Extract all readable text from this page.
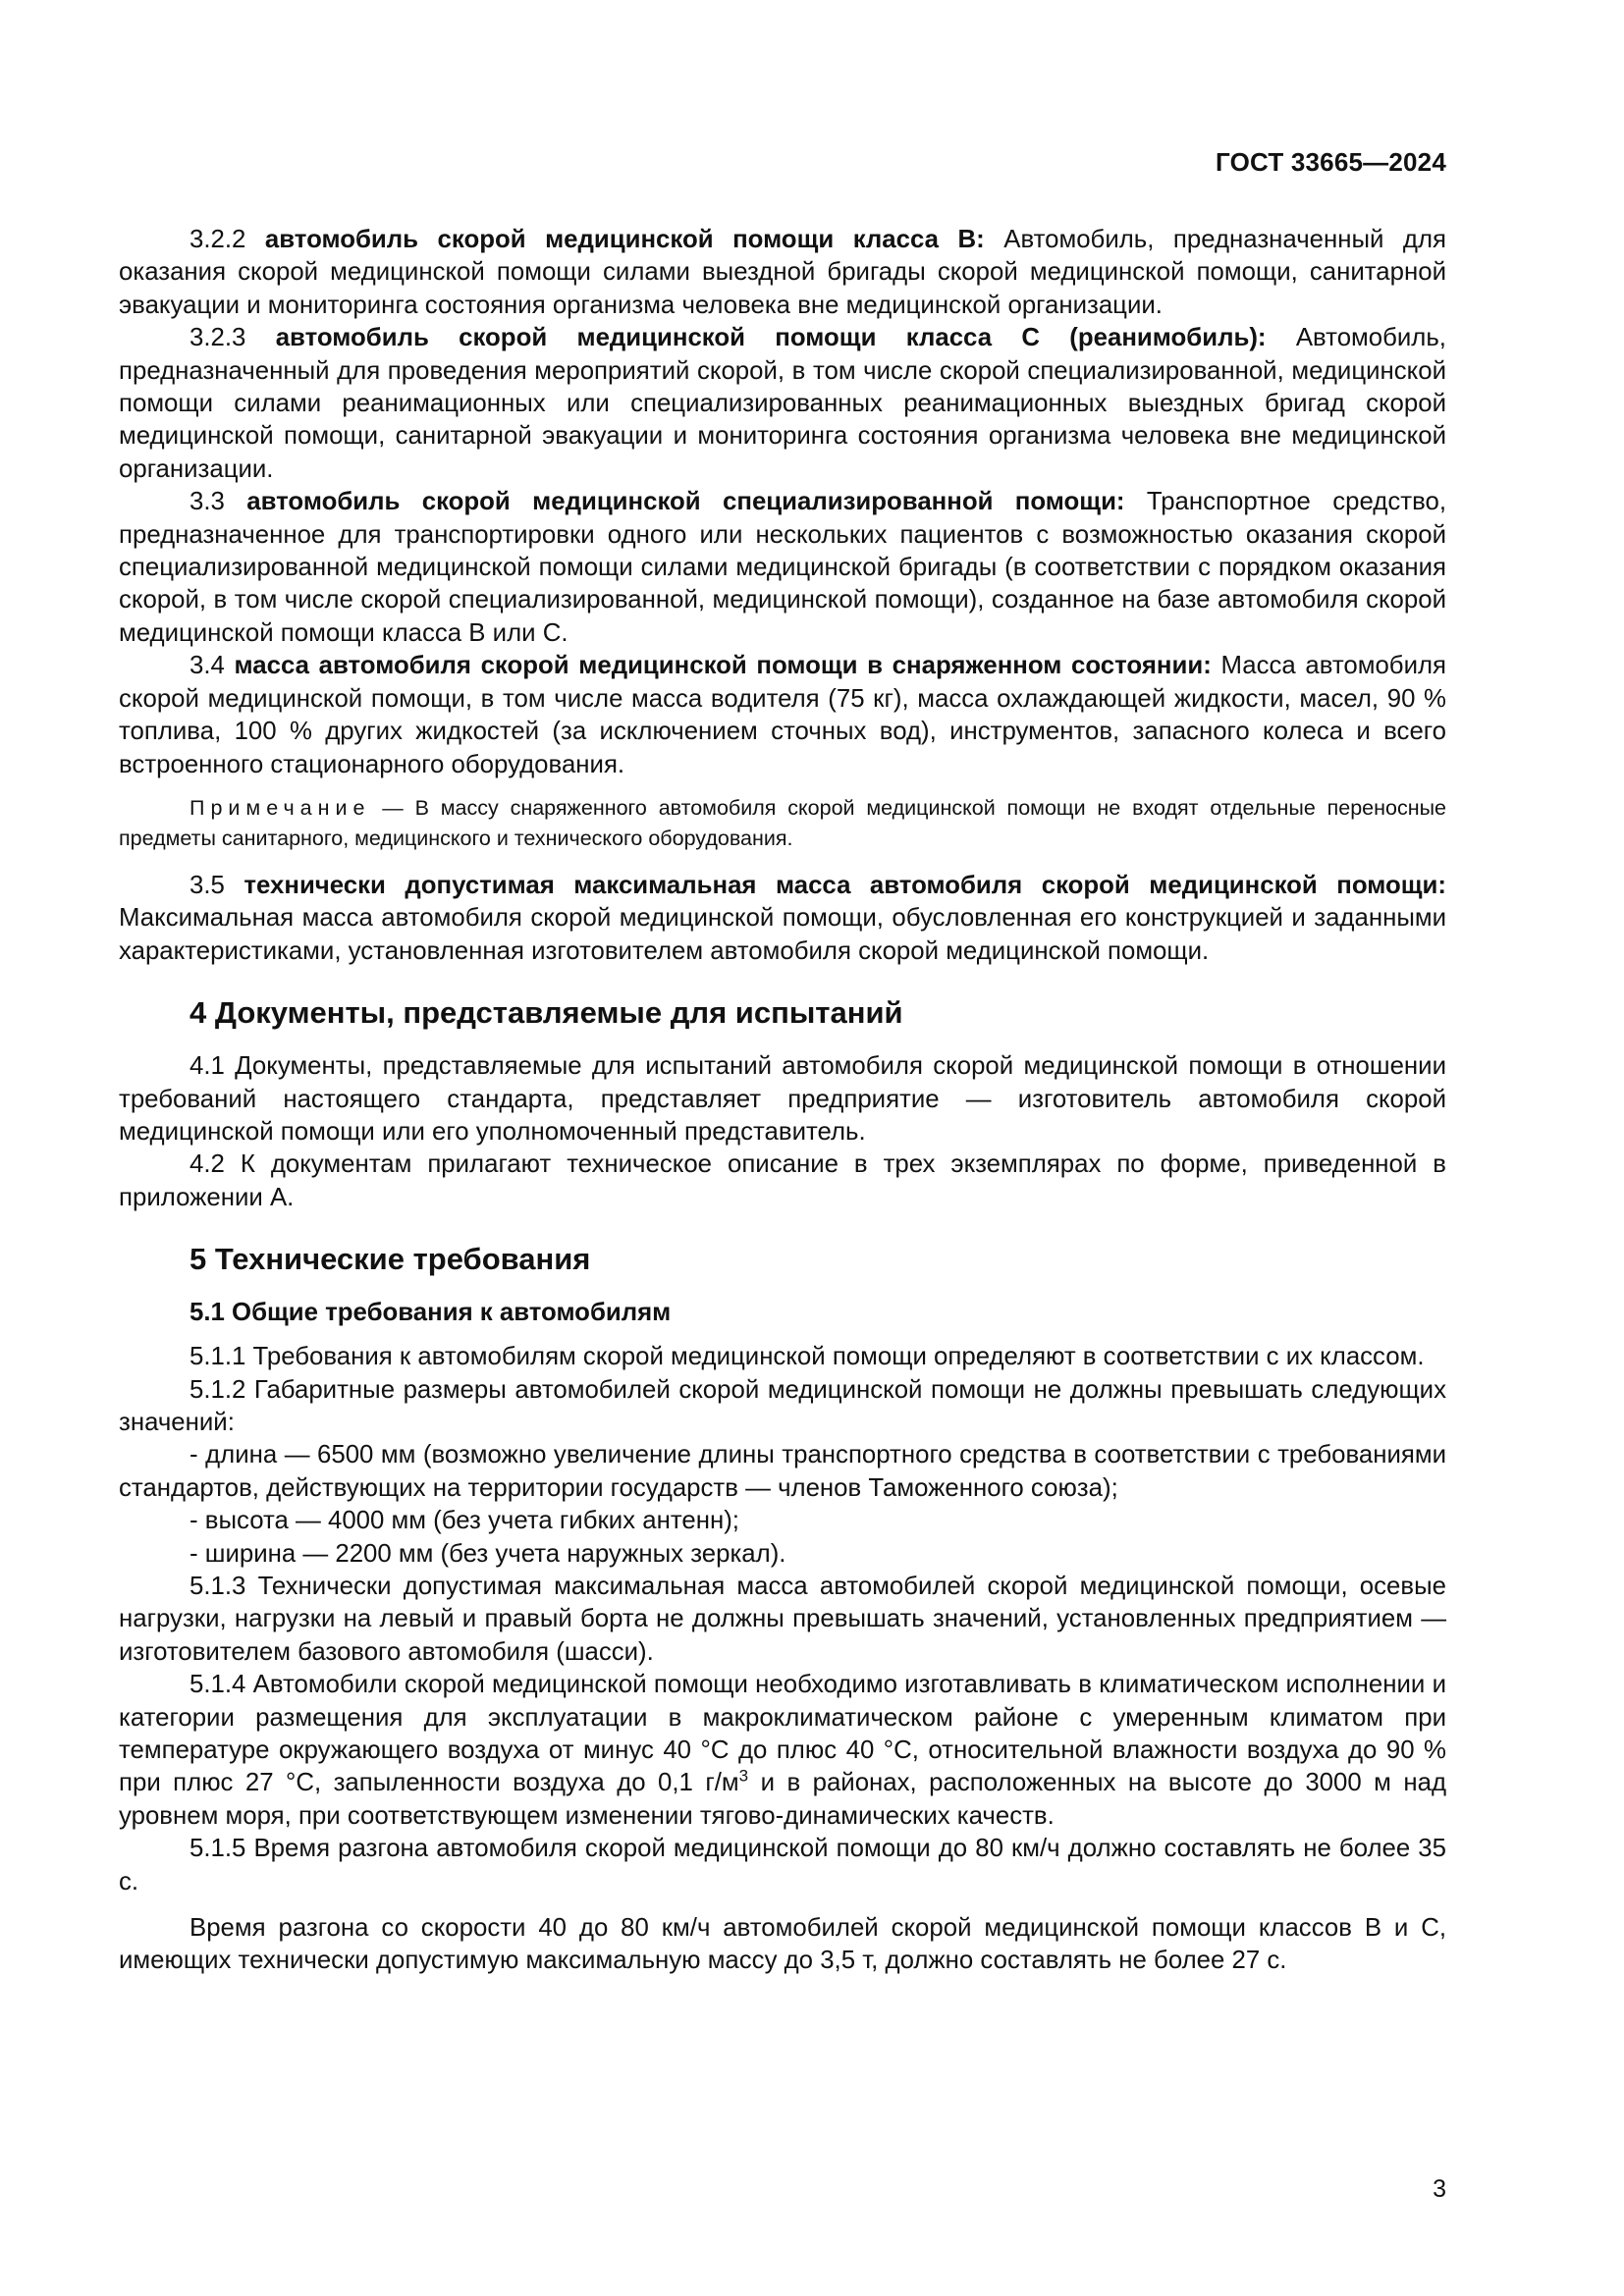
ГОСТ 33665—2024

3.2.2 автомобиль скорой медицинской помощи класса В: Автомобиль, предназначенный для оказания скорой медицинской помощи силами выездной бригады скорой медицинской помощи, санитарной эвакуации и мониторинга состояния организма человека вне медицинской организации.

3.2.3 автомобиль скорой медицинской помощи класса С (реанимобиль): Автомобиль, предназначенный для проведения мероприятий скорой, в том числе скорой специализированной, медицинской помощи силами реанимационных или специализированных реанимационных выездных бригад скорой медицинской помощи, санитарной эвакуации и мониторинга состояния организма человека вне медицинской организации.

3.3 автомобиль скорой медицинской специализированной помощи: Транспортное средство, предназначенное для транспортировки одного или нескольких пациентов с возможностью оказания скорой специализированной медицинской помощи силами медицинской бригады (в соответствии с порядком оказания скорой, в том числе скорой специализированной, медицинской помощи), созданное на базе автомобиля скорой медицинской помощи класса В или С.

3.4 масса автомобиля скорой медицинской помощи в снаряженном состоянии: Масса автомобиля скорой медицинской помощи, в том числе масса водителя (75 кг), масса охлаждающей жидкости, масел, 90 % топлива, 100 % других жидкостей (за исключением сточных вод), инструментов, запасного колеса и всего встроенного стационарного оборудования.

Примечание — В массу снаряженного автомобиля скорой медицинской помощи не входят отдельные переносные предметы санитарного, медицинского и технического оборудования.

3.5 технически допустимая максимальная масса автомобиля скорой медицинской помощи: Максимальная масса автомобиля скорой медицинской помощи, обусловленная его конструкцией и заданными характеристиками, установленная изготовителем автомобиля скорой медицинской помощи.

4 Документы, представляемые для испытаний

4.1 Документы, представляемые для испытаний автомобиля скорой медицинской помощи в отношении требований настоящего стандарта, представляет предприятие — изготовитель автомобиля скорой медицинской помощи или его уполномоченный представитель.

4.2 К документам прилагают техническое описание в трех экземплярах по форме, приведенной в приложении А.

5 Технические требования
5.1 Общие требования к автомобилям

5.1.1 Требования к автомобилям скорой медицинской помощи определяют в соответствии с их классом.

5.1.2 Габаритные размеры автомобилей скорой медицинской помощи не должны превышать следующих значений:

- длина — 6500 мм (возможно увеличение длины транспортного средства в соответствии с требованиями стандартов, действующих на территории государств — членов Таможенного союза);

- высота — 4000 мм (без учета гибких антенн);

- ширина — 2200 мм (без учета наружных зеркал).

5.1.3 Технически допустимая максимальная масса автомобилей скорой медицинской помощи, осевые нагрузки, нагрузки на левый и правый борта не должны превышать значений, установленных предприятием — изготовителем базового автомобиля (шасси).

5.1.4 Автомобили скорой медицинской помощи необходимо изготавливать в климатическом исполнении и категории размещения для эксплуатации в макроклиматическом районе с умеренным климатом при температуре окружающего воздуха от минус 40 °С до плюс 40 °С, относительной влажности воздуха до 90 % при плюс 27 °С, запыленности воздуха до 0,1 $г/м^3$ и в районах, расположенных на высоте до 3000 м над уровнем моря, при соответствующем изменении тягово-динамических качеств.

5.1.5 Время разгона автомобиля скорой медицинской помощи до 80 км/ч должно составлять не более 35 с.

Время разгона со скорости 40 до 80 км/ч автомобилей скорой медицинской помощи классов В и С, имеющих технически допустимую максимальную массу до 3,5 т, должно составлять не более 27 с.

3
